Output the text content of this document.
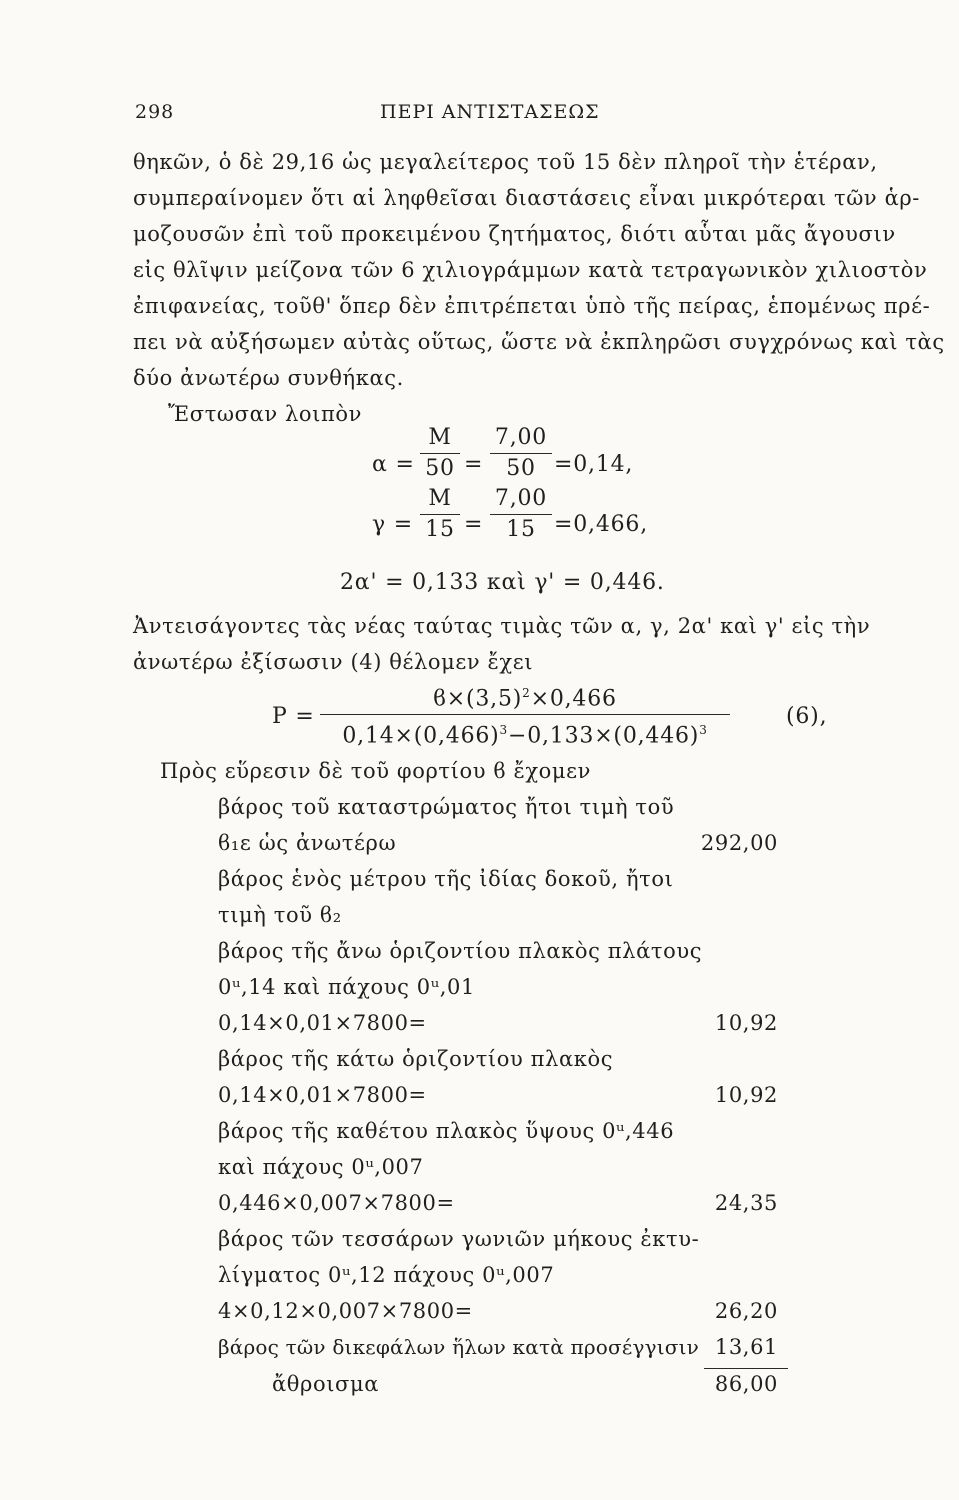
298	ΠΕΡΙ ΑΝΤΙΣΤΑΣΕΩΣ
θηκῶν, ὁ δὲ 29,16 ὡς μεγαλείτερος τοῦ 15 δὲν πληροῖ τὴν ἑτέραν,
συμπεραίνομεν ὅτι αἱ ληφθεῖσαι διαστάσεις εἶναι μικρότεραι τῶν ἁρ-
μοζουσῶν ἐπὶ τοῦ προκειμένου ζητήματος, διότι αὗται μᾶς ἄγουσιν
εἰς θλῖψιν μείζονα τῶν 6 χιλιογράμμων κατὰ τετραγωνικὸν χιλιοστὸν
ἐπιφανείας, τοῦθ' ὅπερ δὲν ἐπιτρέπεται ὑπὸ τῆς πείρας, ἑπομένως πρέ-
πει νὰ αὐξήσωμεν αὐτὰς οὕτως, ὥστε νὰ ἐκπληρῶσι συγχρόνως καὶ τὰς
δύο ἀνωτέρω συνθήκας.
Ἔστωσαν λοιπὸν
α =
M
50 =
7,00
50 =0,14,
γ =
M
15 =
7,00
15 =0,466,
2α' = 0,133 καὶ γ' = 0,446.
Ἀντεισάγοντες τὰς νέας ταύτας τιμὰς τῶν α, γ, 2α' καὶ γ' εἰς τὴν
ἀνωτέρω ἐξίσωσιν (4) θέλομεν ἔχει
P =
$ϐ\times(3,5)^2\times 0,466$
$0,14\times(0,466)^3-0,133\times(0,446)^3$
(6),
Πρὸς εὕρεσιν δὲ τοῦ φορτίου ϐ ἔχομεν
βάρος τοῦ καταστρώματος ἤτοι τιμὴ τοῦ
ϐ₁ε ὡς ἀνωτέρω	292,00
βάρος ἑνὸς μέτρου τῆς ἰδίας δοκοῦ, ἤτοι
τιμὴ τοῦ ϐ₂
βάρος τῆς ἄνω ὁριζοντίου πλακὸς πλάτους
0ᵘ,14 καὶ πάχους 0ᵘ,01
0,14×0,01×7800=	10,92
βάρος τῆς κάτω ὁριζοντίου πλακὸς
0,14×0,01×7800=	10,92
βάρος τῆς καθέτου πλακὸς ὕψους 0ᵘ,446
καὶ πάχους 0ᵘ,007
0,446×0,007×7800=	24,35
βάρος τῶν τεσσάρων γωνιῶν μήκους ἐκτυ-
λίγματος 0ᵘ,12 πάχους 0ᵘ,007
4×0,12×0,007×7800=	26,20
βάρος τῶν δικεφάλων ἥλων κατὰ προσέγγισιν 13,61
ἄθροισμα	86,00
